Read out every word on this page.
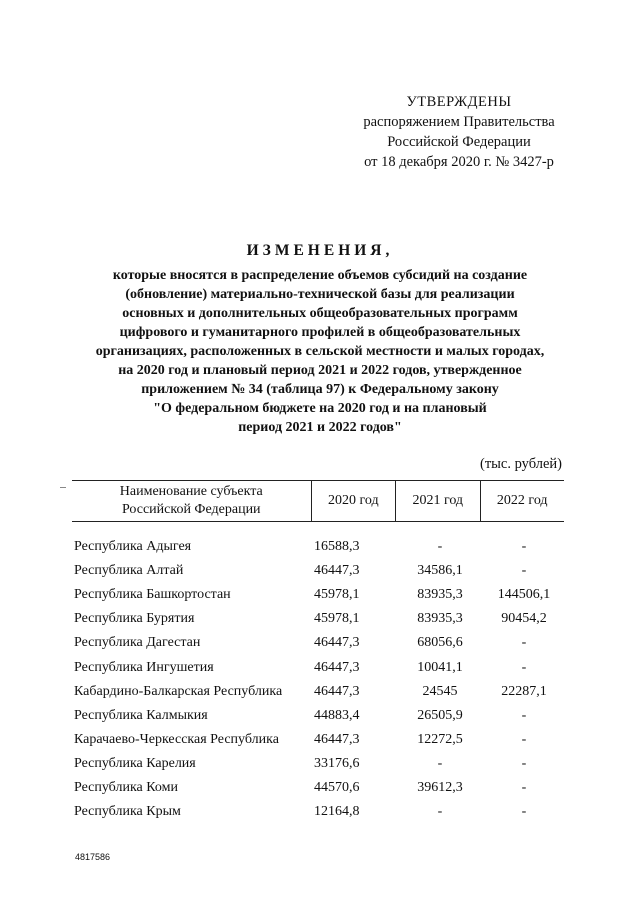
УТВЕРЖДЕНЫ
распоряжением Правительства
Российской Федерации
от 18 декабря 2020 г. № 3427-р
ИЗМЕНЕНИЯ,
которые вносятся в распределение объемов субсидий на создание
(обновление) материально-технической базы для реализации
основных и дополнительных общеобразовательных программ
цифрового и гуманитарного профилей в общеобразовательных
организациях, расположенных в сельской местности и малых городах,
на 2020 год и плановый период 2021 и 2022 годов, утвержденное
приложением № 34 (таблица 97) к Федеральному закону
"О федеральном бюджете на 2020 год и на плановый
период 2021 и 2022 годов"
(тыс. рублей)
Наименование субъекта
Российской Федерации
2020 год	2021 год	2022 год
Республика Адыгея	16588,3	-	-
Республика Алтай	46447,3	34586,1	-
Республика Башкортостан	45978,1	83935,3	144506,1
Республика Бурятия	45978,1	83935,3	90454,2
Республика Дагестан	46447,3	68056,6	-
Республика Ингушетия	46447,3	10041,1	-
Кабардино-Балкарская Республика	46447,3	24545	22287,1
Республика Калмыкия	44883,4	26505,9	-
Карачаево-Черкесская Республика	46447,3	12272,5	-
Республика Карелия	33176,6	-	-
Республика Коми	44570,6	39612,3	-
Республика Крым	12164,8	-	-
4817586
